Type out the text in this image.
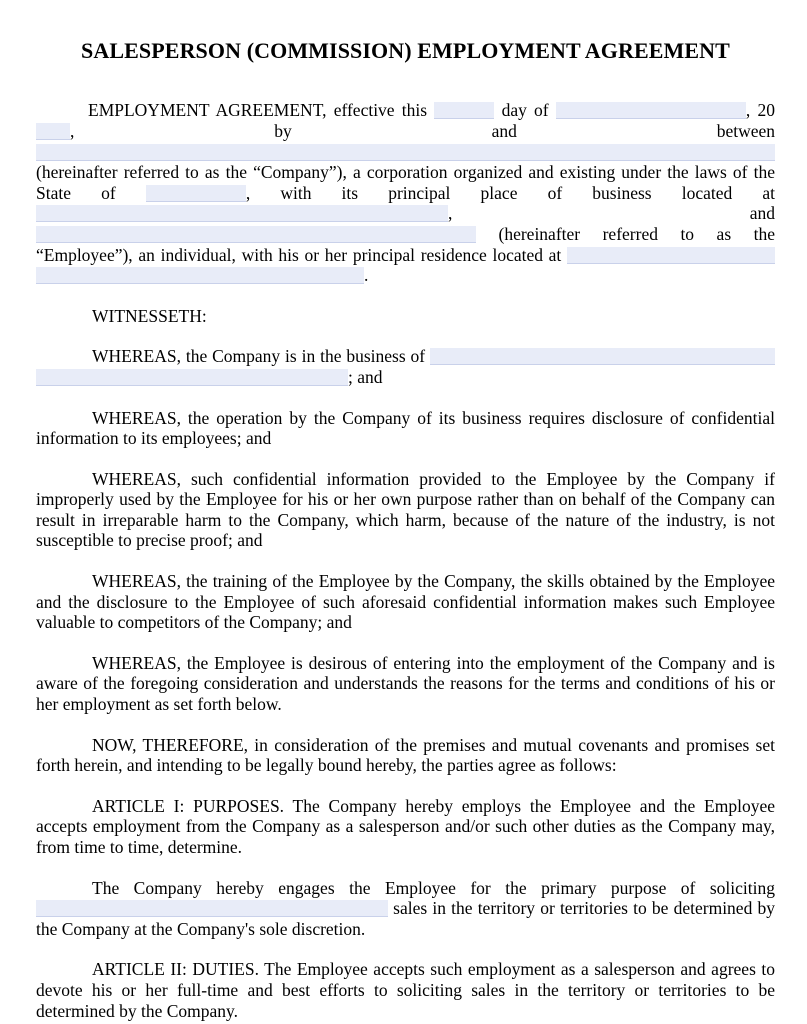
SALESPERSON (COMMISSION) EMPLOYMENT AGREEMENT

EMPLOYMENT AGREEMENT, effective this	day of	, 20, by and between  (hereinafter referred to as the “Company”), a corporation organized and existing under the laws of the State of	, with its principal place of business located at , and  (hereinafter referred to as the “Employee”), an individual, with his or her principal residence located at  .

WITNESSETH:

WHEREAS, the Company is in the business of  ; and

WHEREAS, the operation by the Company of its business requires disclosure of confidential information to its employees; and

WHEREAS, such confidential information provided to the Employee by the Company if improperly used by the Employee for his or her own purpose rather than on behalf of the Company can result in irreparable harm to the Company, which harm, because of the nature of the industry, is not susceptible to precise proof; and

WHEREAS, the training of the Employee by the Company, the skills obtained by the Employee and the disclosure to the Employee of such aforesaid confidential information makes such Employee valuable to competitors of the Company; and

WHEREAS, the Employee is desirous of entering into the employment of the Company and is aware of the foregoing consideration and understands the reasons for the terms and conditions of his or her employment as set forth below.

NOW, THEREFORE, in consideration of the premises and mutual covenants and promises set forth herein, and intending to be legally bound hereby, the parties agree as follows:

ARTICLE I: PURPOSES. The Company hereby employs the Employee and the Employee accepts employment from the Company as a salesperson and/or such other duties as the Company may, from time to time, determine.

The Company hereby engages the Employee for the primary purpose of soliciting  sales in the territory or territories to be determined by the Company at the Company's sole discretion.

ARTICLE II: DUTIES. The Employee accepts such employment as a salesperson and agrees to devote his or her full-time and best efforts to soliciting sales in the territory or territories to be determined by the Company.
